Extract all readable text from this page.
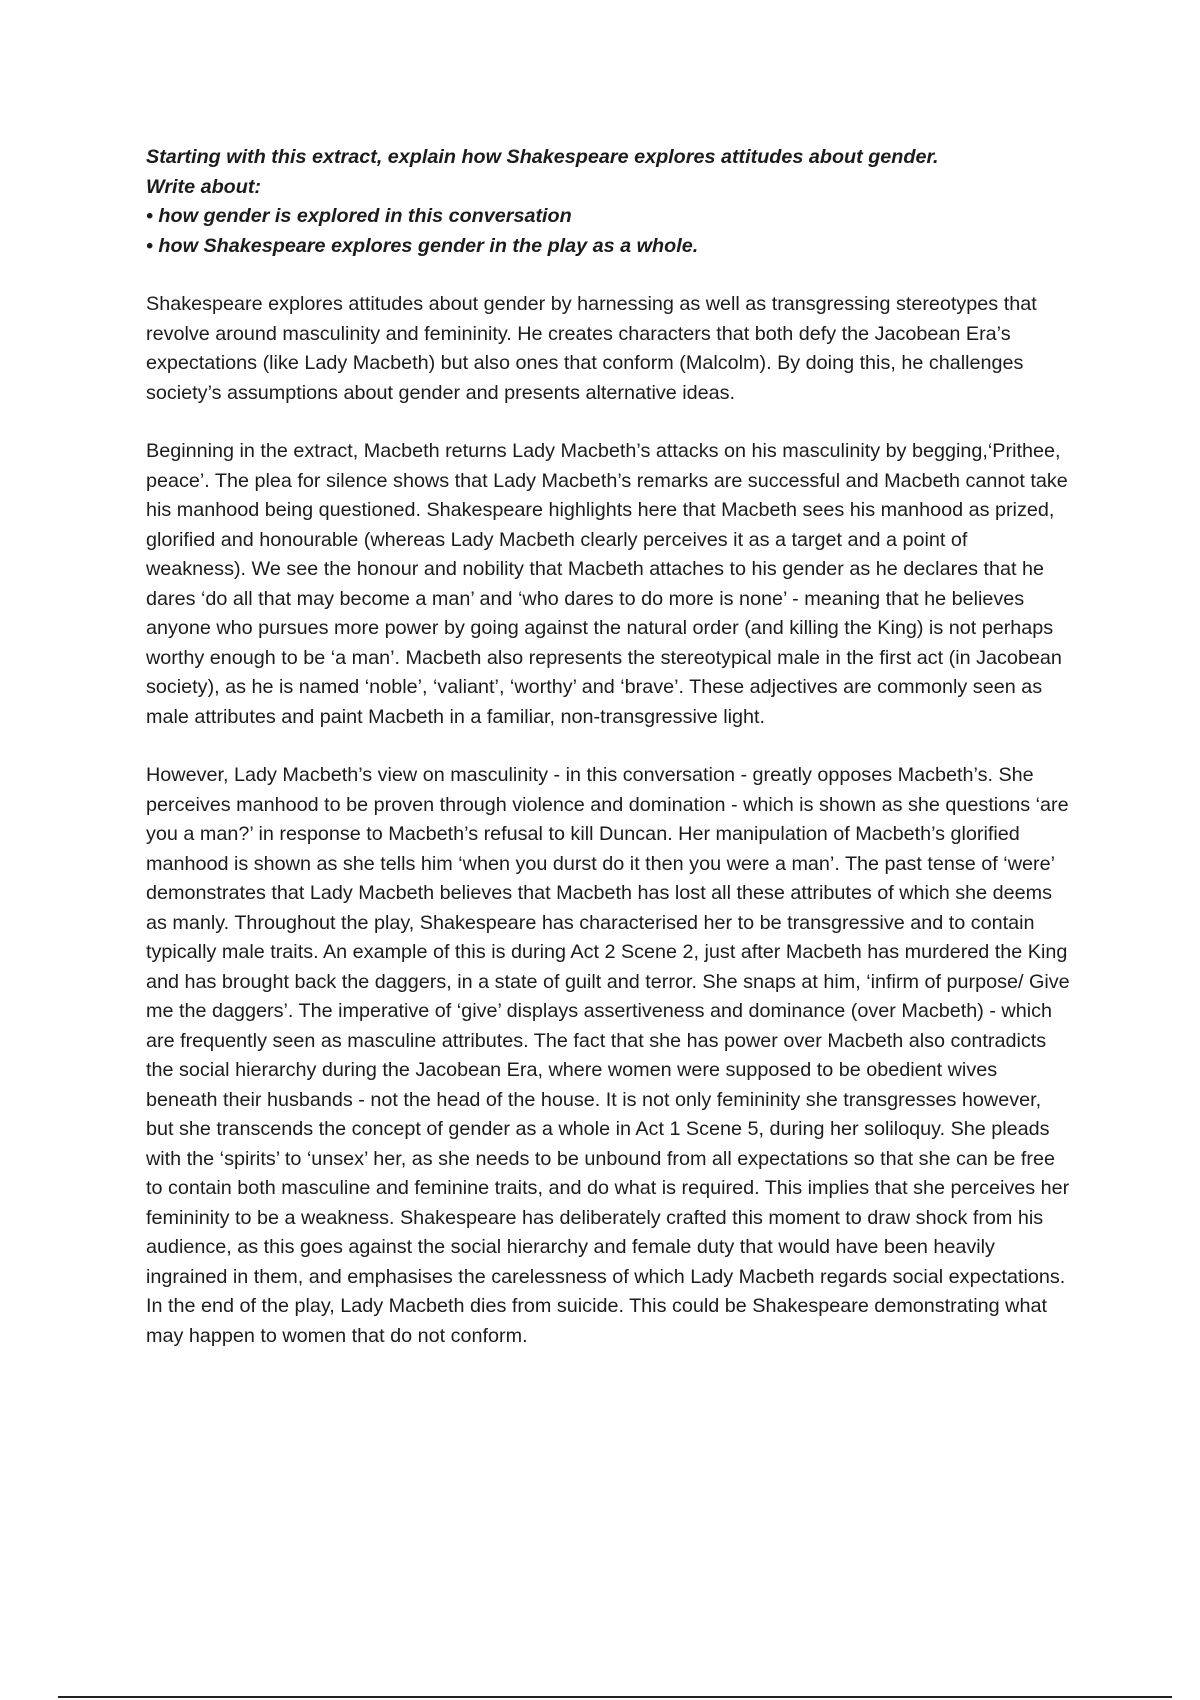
Starting with this extract, explain how Shakespeare explores attitudes about gender.
Write about:
• how gender is explored in this conversation
• how Shakespeare explores gender in the play as a whole.

Shakespeare explores attitudes about gender by harnessing as well as transgressing stereotypes that revolve around masculinity and femininity. He creates characters that both defy the Jacobean Era’s expectations (like Lady Macbeth) but also ones that conform (Malcolm). By doing this, he challenges society’s assumptions about gender and presents alternative ideas.

Beginning in the extract, Macbeth returns Lady Macbeth’s attacks on his masculinity by begging,‘Prithee, peace’. The plea for silence shows that Lady Macbeth’s remarks are successful and Macbeth cannot take his manhood being questioned. Shakespeare highlights here that Macbeth sees his manhood as prized, glorified and honourable (whereas Lady Macbeth clearly perceives it as a target and a point of weakness). We see the honour and nobility that Macbeth attaches to his gender as he declares that he dares ‘do all that may become a man’ and ‘who dares to do more is none’ - meaning that he believes anyone who pursues more power by going against the natural order (and killing the King) is not perhaps worthy enough to be ‘a man’. Macbeth also represents the stereotypical male in the first act (in Jacobean society), as he is named ‘noble’, ‘valiant’, ‘worthy’ and ‘brave’. These adjectives are commonly seen as male attributes and paint Macbeth in a familiar, non-transgressive light.

However, Lady Macbeth’s view on masculinity - in this conversation - greatly opposes Macbeth’s. She perceives manhood to be proven through violence and domination - which is shown as she questions ‘are you a man?’ in response to Macbeth’s refusal to kill Duncan. Her manipulation of Macbeth’s glorified manhood is shown as she tells him ‘when you durst do it then you were a man’. The past tense of ‘were’ demonstrates that Lady Macbeth believes that Macbeth has lost all these attributes of which she deems as manly. Throughout the play, Shakespeare has characterised her to be transgressive and to contain typically male traits. An example of this is during Act 2 Scene 2, just after Macbeth has murdered the King and has brought back the daggers, in a state of guilt and terror. She snaps at him, ‘infirm of purpose/ Give me the daggers’. The imperative of ‘give’ displays assertiveness and dominance (over Macbeth) - which are frequently seen as masculine attributes. The fact that she has power over Macbeth also contradicts the social hierarchy during the Jacobean Era, where women were supposed to be obedient wives beneath their husbands - not the head of the house. It is not only femininity she transgresses however, but she transcends the concept of gender as a whole in Act 1 Scene 5, during her soliloquy. She pleads with the ‘spirits’ to ‘unsex’ her, as she needs to be unbound from all expectations so that she can be free to contain both masculine and feminine traits, and do what is required. This implies that she perceives her femininity to be a weakness. Shakespeare has deliberately crafted this moment to draw shock from his audience, as this goes against the social hierarchy and female duty that would have been heavily ingrained in them, and emphasises the carelessness of which Lady Macbeth regards social expectations. In the end of the play, Lady Macbeth dies from suicide. This could be Shakespeare demonstrating what may happen to women that do not conform.
